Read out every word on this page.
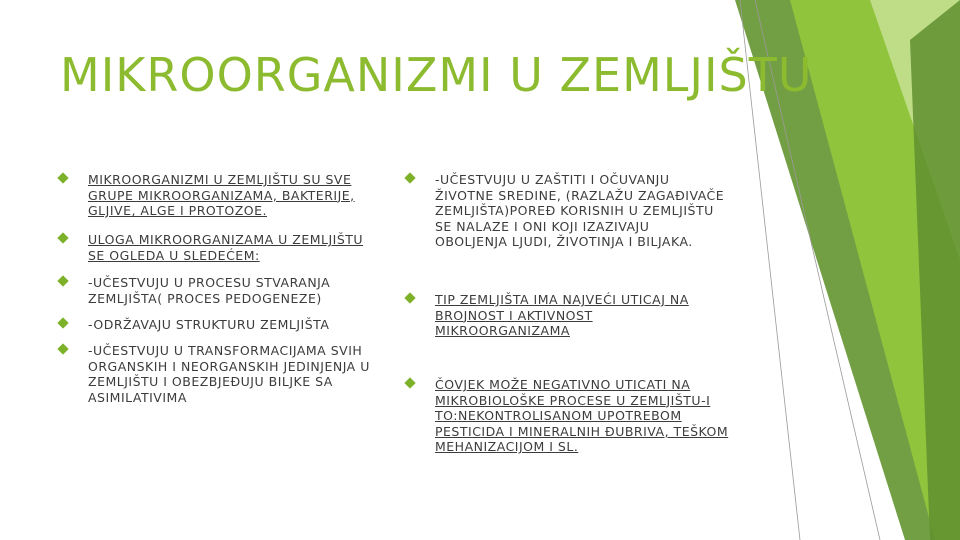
MIKROORGANIZMI U ZEMLJIŠTU
MIKROORGANIZMI U ZEMLJIŠTU SU SVE
GRUPE MIKROORGANIZAMA, BAKTERIJE,
GLJIVE, ALGE I PROTOZOE.
ULOGA MIKROORGANIZAMA U ZEMLJIŠTU
SE OGLEDA U SLEDEĆEM:
-UČESTVUJU U PROCESU STVARANJA
ZEMLJIŠTA( PROCES PEDOGENEZE)
-ODRŽAVAJU STRUKTURU ZEMLJIŠTA
-UČESTVUJU U TRANSFORMACIJAMA SVIH
ORGANSKIH I NEORGANSKIH JEDINJENJA U
ZEMLJIŠTU I OBEZBJEĐUJU BILJKE SA
ASIMILATIVIMA
-UČESTVUJU U ZAŠTITI I OČUVANJU
ŽIVOTNE SREDINE, (RAZLAŽU ZAGAĐIVAČE
ZEMLJIŠTA)POREĐ KORISNIH U ZEMLJIŠTU
SE NALAZE I ONI KOJI IZAZIVAJU
OBOLJENJA LJUDI, ŽIVOTINJA I BILJAKA.
TIP ZEMLJIŠTA IMA NAJVEĆI UTICAJ NA
BROJNOST I AKTIVNOST
MIKROORGANIZAMA
ČOVJEK MOŽE NEGATIVNO UTICATI NA
MIKROBIOLOŠKE PROCESE U ZEMLJIŠTU-I
TO:NEKONTROLISANOM UPOTREBOM
PESTICIDA I MINERALNIH ĐUBRIVA, TEŠKOM
MEHANIZACIJOM I SL.
